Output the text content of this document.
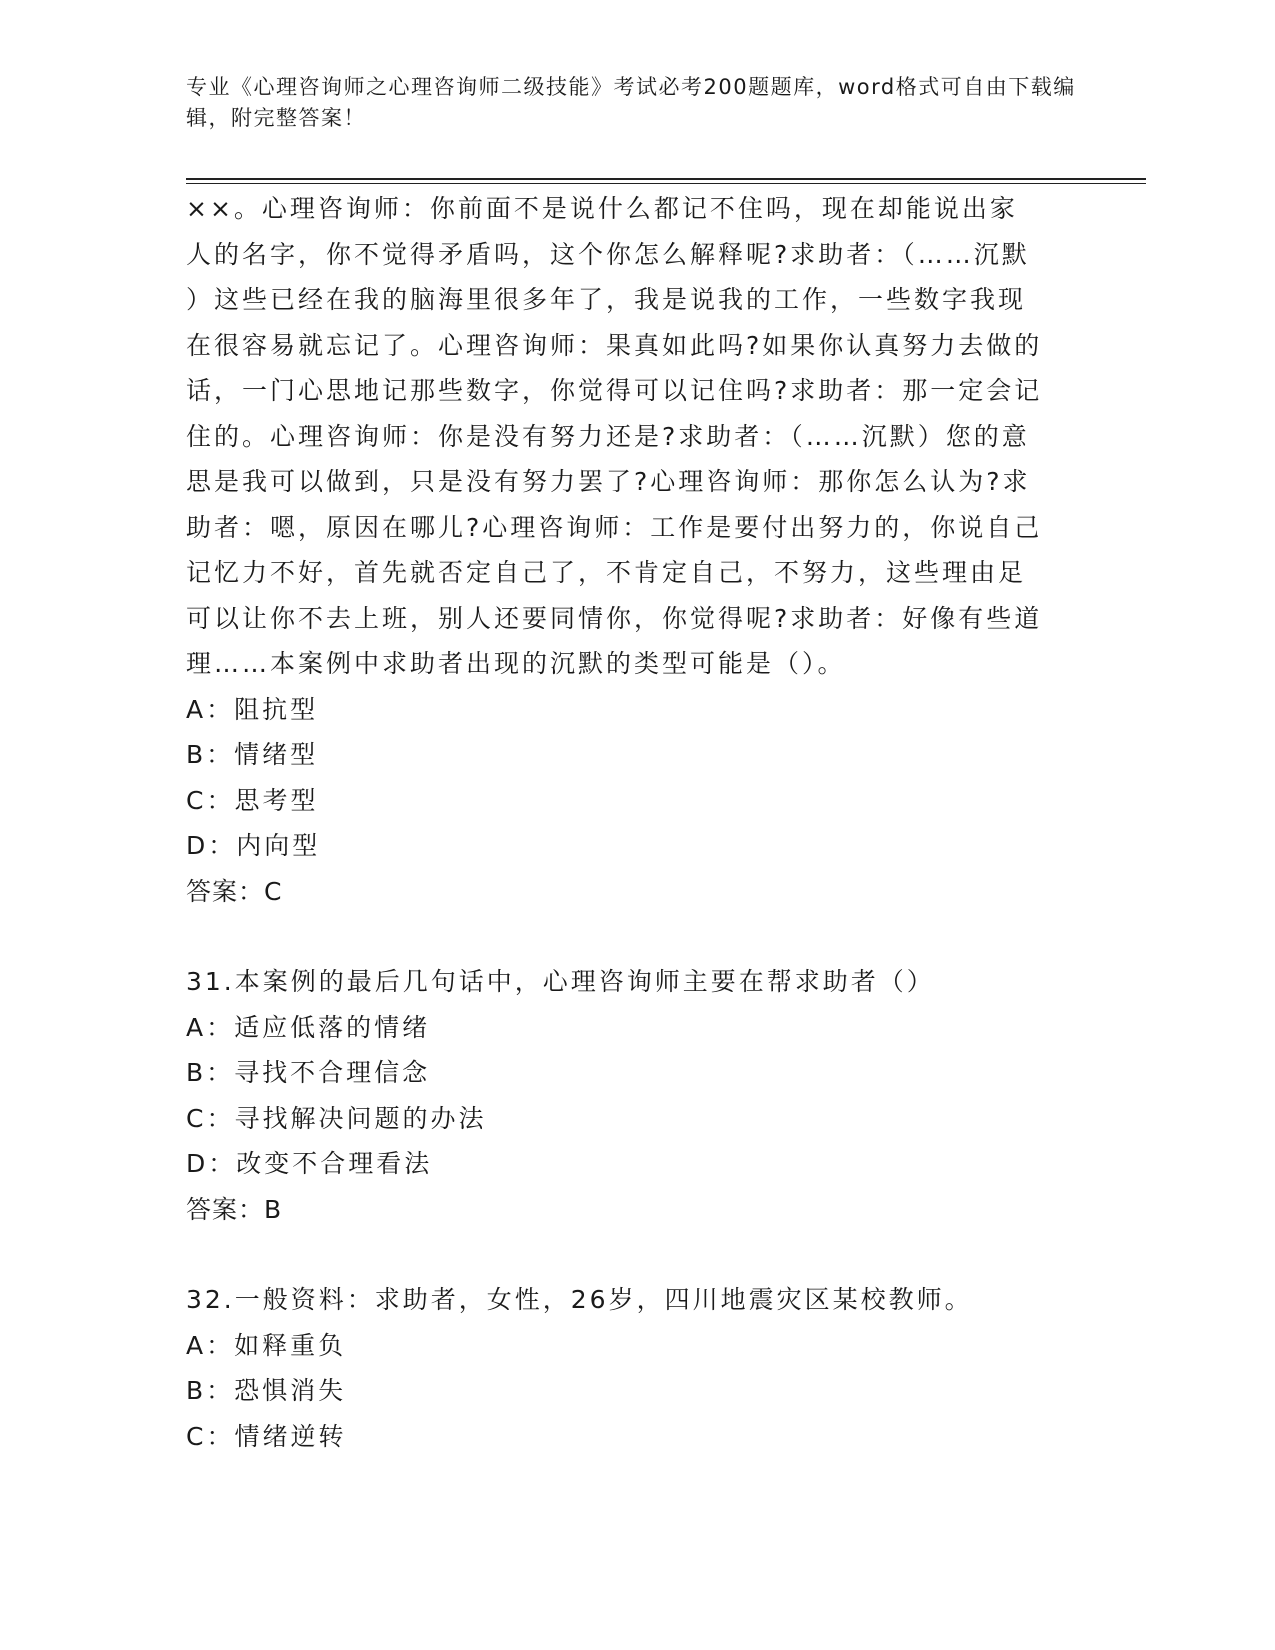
专业《心理咨询师之心理咨询师二级技能》考试必考200题题库，word格式可自由下载编辑，附完整答案！

××。心理咨询师：你前面不是说什么都记不住吗，现在却能说出家

人的名字，你不觉得矛盾吗，这个你怎么解释呢?求助者：（……沉默

）这些已经在我的脑海里很多年了，我是说我的工作，一些数字我现

在很容易就忘记了。心理咨询师：果真如此吗?如果你认真努力去做的

话，一门心思地记那些数字，你觉得可以记住吗?求助者：那一定会记

住的。心理咨询师：你是没有努力还是?求助者：（……沉默）您的意

思是我可以做到，只是没有努力罢了?心理咨询师：那你怎么认为?求

助者：嗯，原因在哪儿?心理咨询师：工作是要付出努力的，你说自己

记忆力不好，首先就否定自己了，不肯定自己，不努力，这些理由足

可以让你不去上班，别人还要同情你，你觉得呢?求助者：好像有些道

理……本案例中求助者出现的沉默的类型可能是（）。

A：阻抗型

B：情绪型

C：思考型

D：内向型

答案：C

31.本案例的最后几句话中，心理咨询师主要在帮求助者（）

A：适应低落的情绪

B：寻找不合理信念

C：寻找解决问题的办法

D：改变不合理看法

答案：B

32.一般资料：求助者，女性，26岁，四川地震灾区某校教师。

A：如释重负

B：恐惧消失

C：情绪逆转
